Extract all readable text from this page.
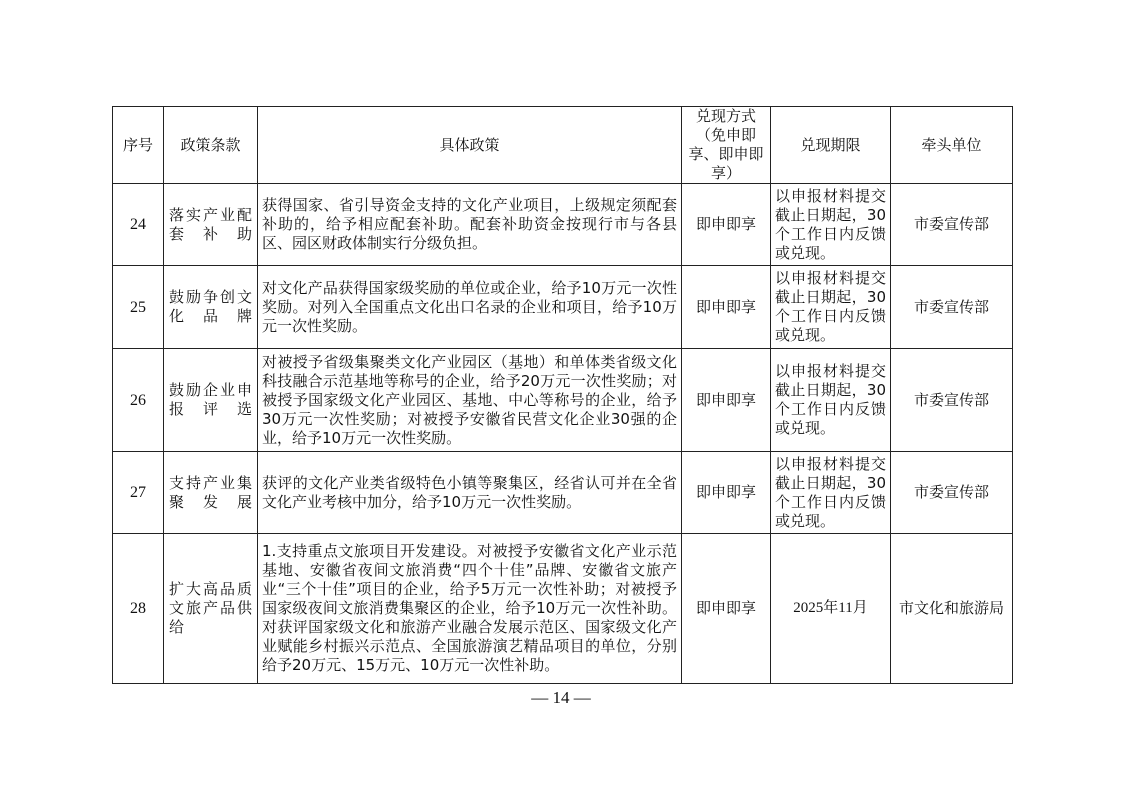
序号	政策条款	具体政策	兑现方式（免申即享、即申即享）	兑现期限	牵头单位
24	落实产业配套补助	获得国家、省引导资金支持的文化产业项目，上级规定须配套补助的，给予相应配套补助。配套补助资金按现行市与各县区、园区财政体制实行分级负担。	即申即享	以申报材料提交截止日期起，30个工作日内反馈或兑现。	市委宣传部
25	鼓励争创文化品牌	对文化产品获得国家级奖励的单位或企业，给予10万元一次性奖励。对列入全国重点文化出口名录的企业和项目，给予10万元一次性奖励。	即申即享	以申报材料提交截止日期起，30个工作日内反馈或兑现。	市委宣传部
26	鼓励企业申报评选	对被授予省级集聚类文化产业园区（基地）和单体类省级文化科技融合示范基地等称号的企业，给予20万元一次性奖励；对被授予国家级文化产业园区、基地、中心等称号的企业，给予30万元一次性奖励；对被授予安徽省民营文化企业30强的企业，给予10万元一次性奖励。	即申即享	以申报材料提交截止日期起，30个工作日内反馈或兑现。	市委宣传部
27	支持产业集聚发展	获评的文化产业类省级特色小镇等聚集区，经省认可并在全省文化产业考核中加分，给予10万元一次性奖励。	即申即享	以申报材料提交截止日期起，30个工作日内反馈或兑现。	市委宣传部
28	扩大高品质文旅产品供给	1.支持重点文旅项目开发建设。对被授予安徽省文化产业示范基地、安徽省夜间文旅消费“四个十佳”品牌、安徽省文旅产业“三个十佳”项目的企业，给予5万元一次性补助；对被授予国家级夜间文旅消费集聚区的企业，给予10万元一次性补助。对获评国家级文化和旅游产业融合发展示范区、国家级文化产业赋能乡村振兴示范点、全国旅游演艺精品项目的单位，分别给予20万元、15万元、10万元一次性补助。	即申即享	2025年11月	市文化和旅游局
— 14 —
